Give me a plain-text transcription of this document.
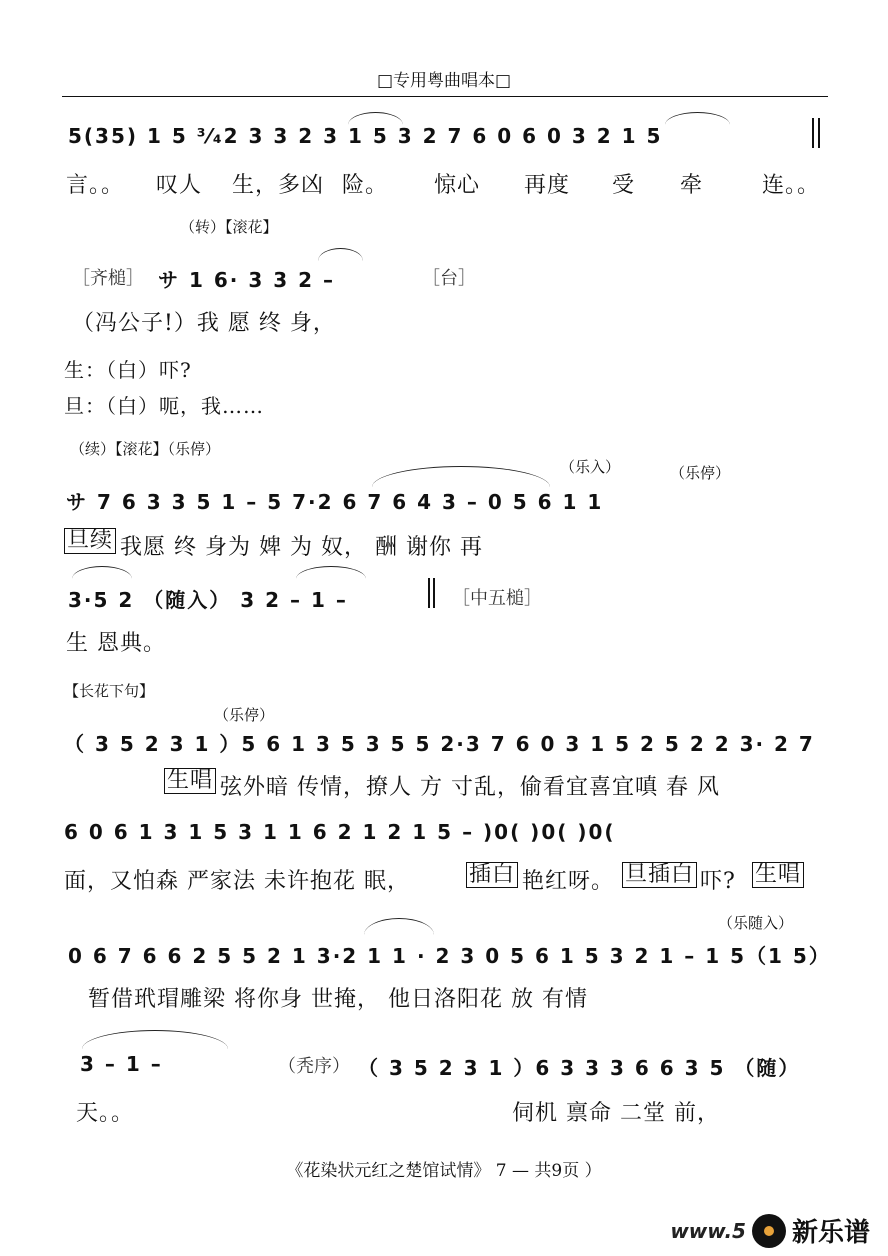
□专用粤曲唱本□
5(35) 1 5 ³⁄₄2 3 3 2 3 1 5 3 2 7 6 0 6 0 3 2 1 5
言。。 叹人 生，多凶 险。 惊心 再度 受 牵	连。。
（转）【滚花】
［齐槌］ サ 1 6· 3 3 2 –	［台］
（冯公子!）我 愿 终 身，
生：（白）吓?
旦：（白）呃，我……
（续）【滚花】（乐停）
（乐入）	（乐停）
サ 7 6 3 3 5 1 – 5 7·2 6 7 6 4 3 – 0 5 6 1 1
旦续 我愿 终 身为 婢 为 奴， 酬 谢你 再
3·5 2 （随入） 3 2 – 1 –	［中五槌］
生 恩典。
【长花下句】
（乐停）
（ 3 5 2 3 1 ）5 6 1 3 5 3 5 5 2·3 7 6 0 3 1 5 2 5 2 2 3· 2 7
生唱 弦外暗 传情，撩人 方 寸乱，偷看宜喜宜嗔 春 风
6 0 6 1 3 1 5 3 1 1 6 2 1 2 1 5 – )0( )0( )0(
面，又怕森 严家法 未许抱花 眠，	插白 艳红呀。 旦插白 吓? 生唱
（乐随入）
0 6 7 6 6 2 5 5 2 1 3·2 1 1 · 2 3 0 5 6 1 5 3 2 1 – 1 5（1 5）
暂借玳瑁雕梁 将你身 世掩， 他日洛阳花 放 有情
3 – 1 –	（秃序） （ 3 5 2 3 1 ）6 3 3 3 6 6 3 5 （随）
天。。	伺机 禀命 二堂 前，
《花染状元红之楚馆试情》 7 — 共9页 ）
www.5 新乐谱
